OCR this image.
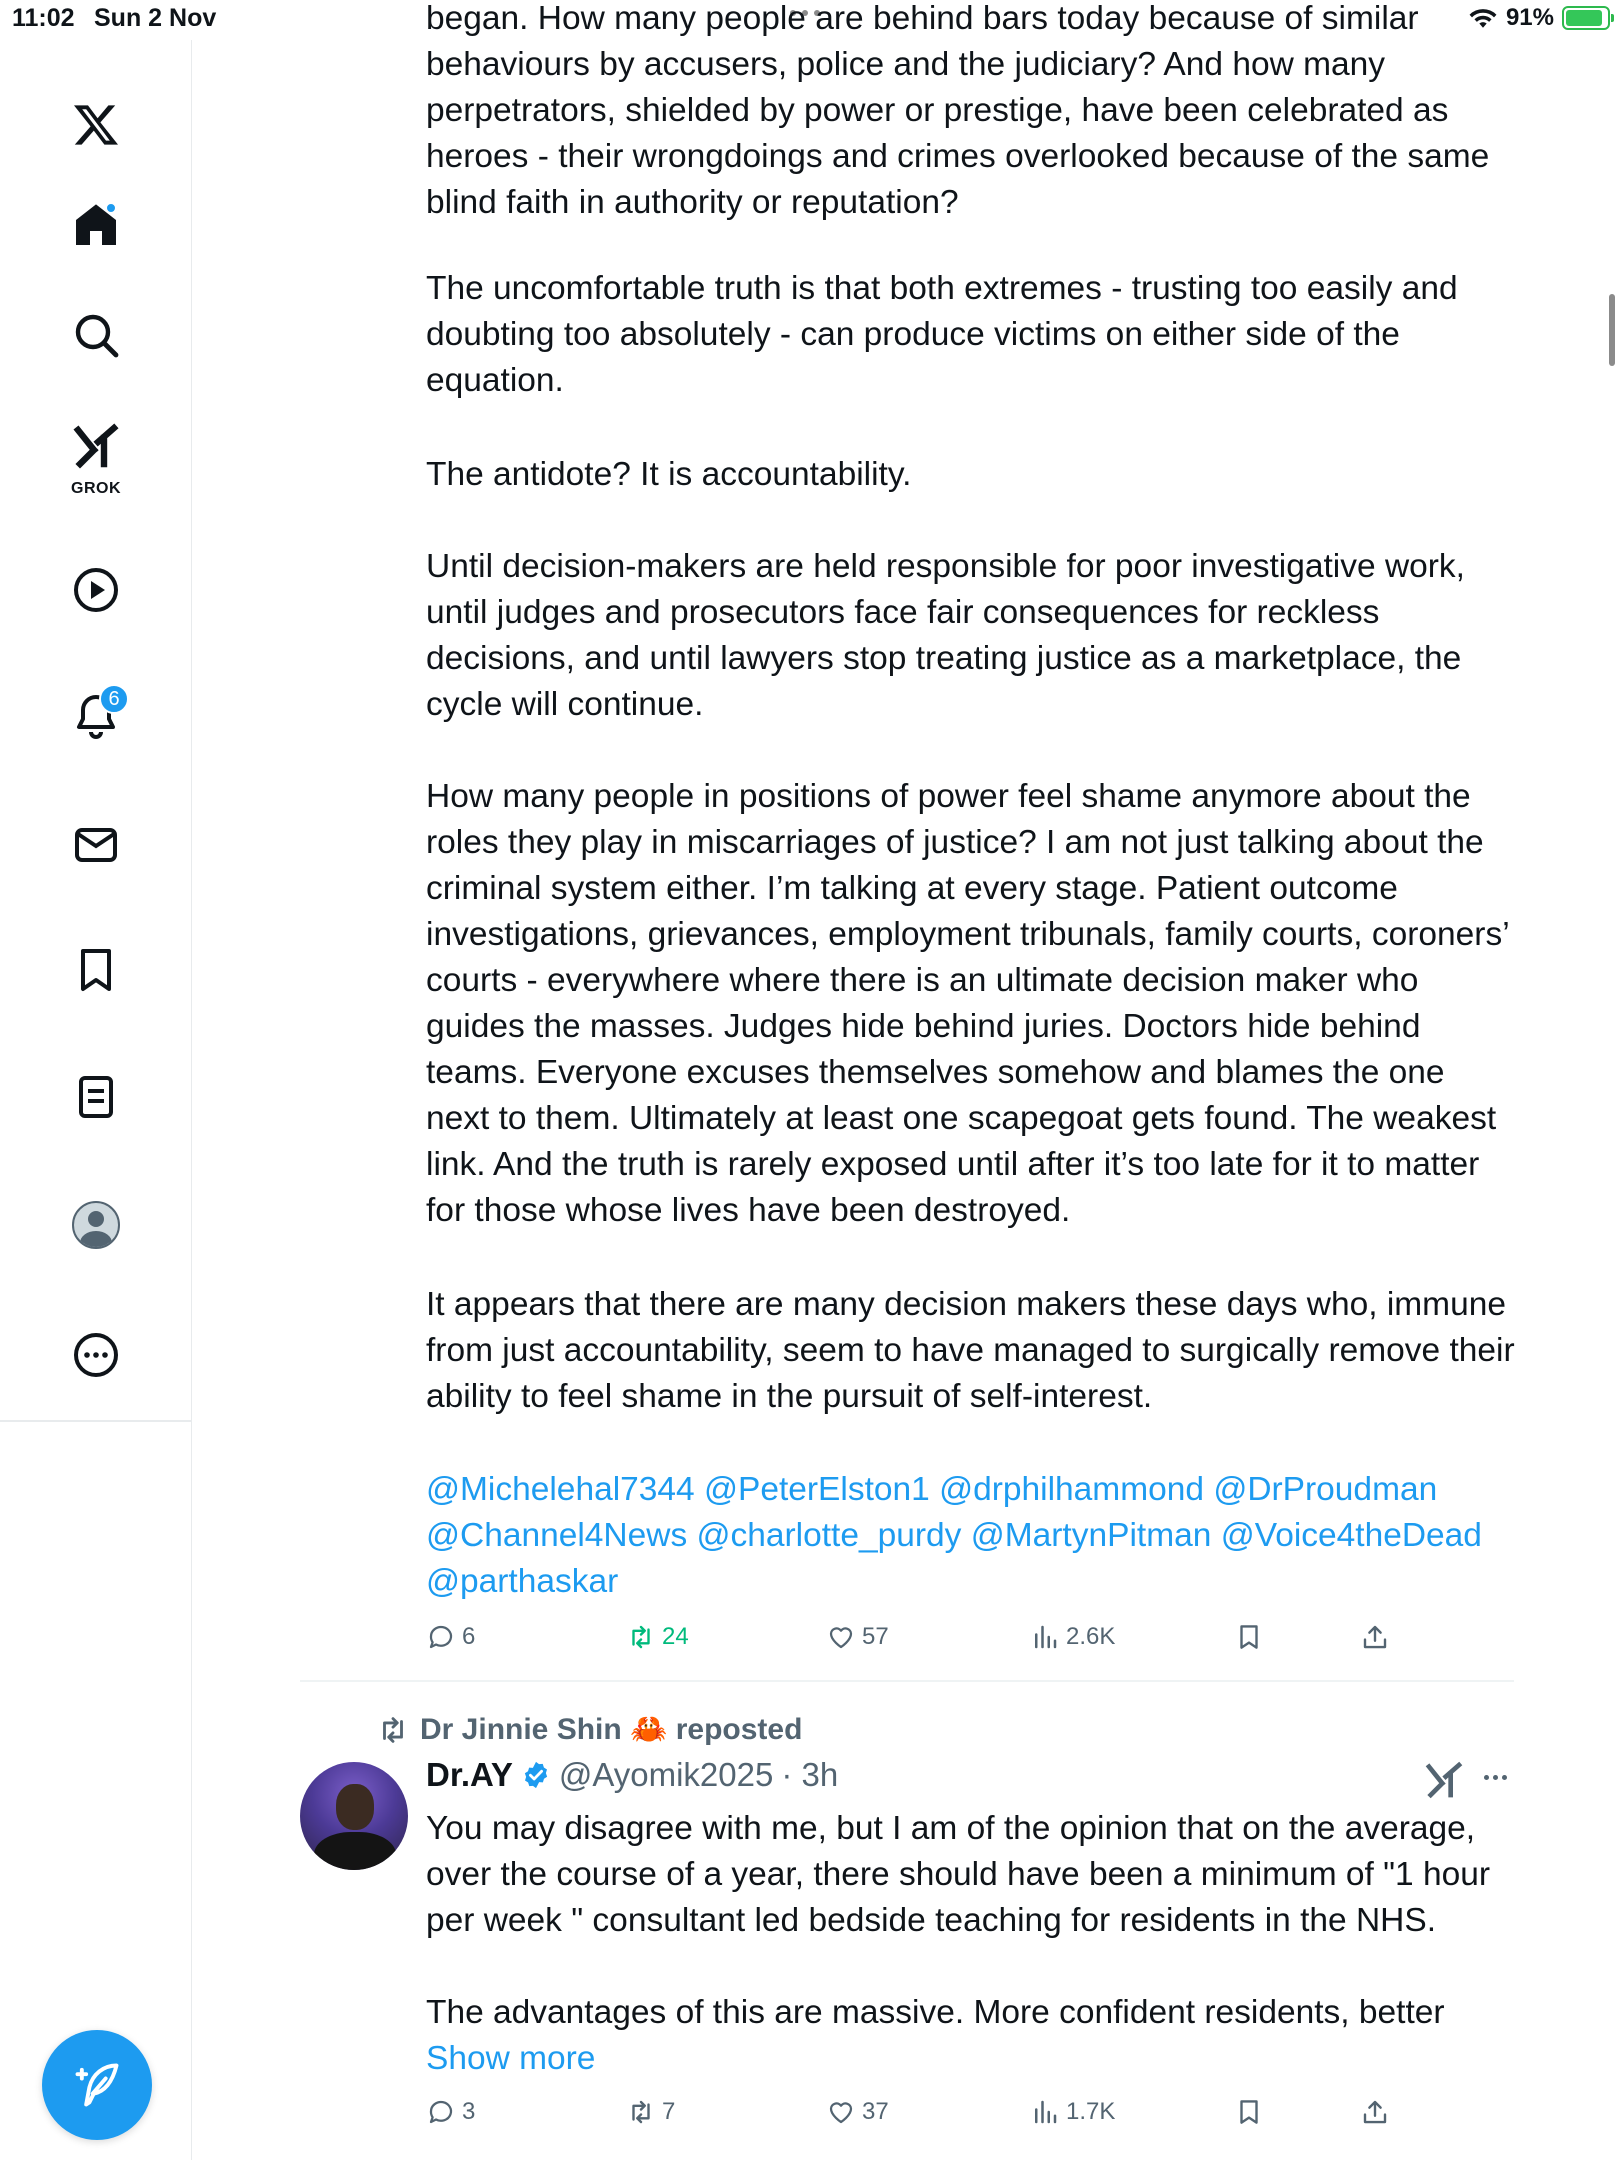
11:02 Sun 2 Nov	91%
GROK
6
began. How many people are behind bars today because of similar behaviours by accusers, police and the judiciary? And how many perpetrators, shielded by power or prestige, have been celebrated as heroes - their wrongdoings and crimes overlooked because of the same blind faith in authority or reputation?
The uncomfortable truth is that both extremes - trusting too easily and doubting too absolutely - can produce victims on either side of the equation.
The antidote? It is accountability.
Until decision-makers are held responsible for poor investigative work, until judges and prosecutors face fair consequences for reckless decisions, and until lawyers stop treating justice as a marketplace, the cycle will continue.
How many people in positions of power feel shame anymore about the roles they play in miscarriages of justice? I am not just talking about the criminal system either. I’m talking at every stage. Patient outcome investigations, grievances, employment tribunals, family courts, coroners’ courts - everywhere where there is an ultimate decision maker who guides the masses. Judges hide behind juries. Doctors hide behind teams. Everyone excuses themselves somehow and blames the one next to them. Ultimately at least one scapegoat gets found. The weakest link. And the truth is rarely exposed until after it’s too late for it to matter for those whose lives have been destroyed.
It appears that there are many decision makers these days who, immune from just accountability, seem to have managed to surgically remove their ability to feel shame in the pursuit of self-interest.
@Michelehal7344 @PeterElston1 @drphilhammond @DrProudman @Channel4News @charlotte_purdy @MartynPitman @Voice4theDead @parthaskar
6	24	57	2.6K
Dr Jinnie Shin 🦀 reposted
Dr.AY @Ayomik2025 · 3h
You may disagree with me, but I am of the opinion that on the average, over the course of a year, there should have been a minimum of "1 hour per week " consultant led bedside teaching for residents in the NHS.
The advantages of this are massive. More confident residents, better Show more
3	7	37	1.7K
